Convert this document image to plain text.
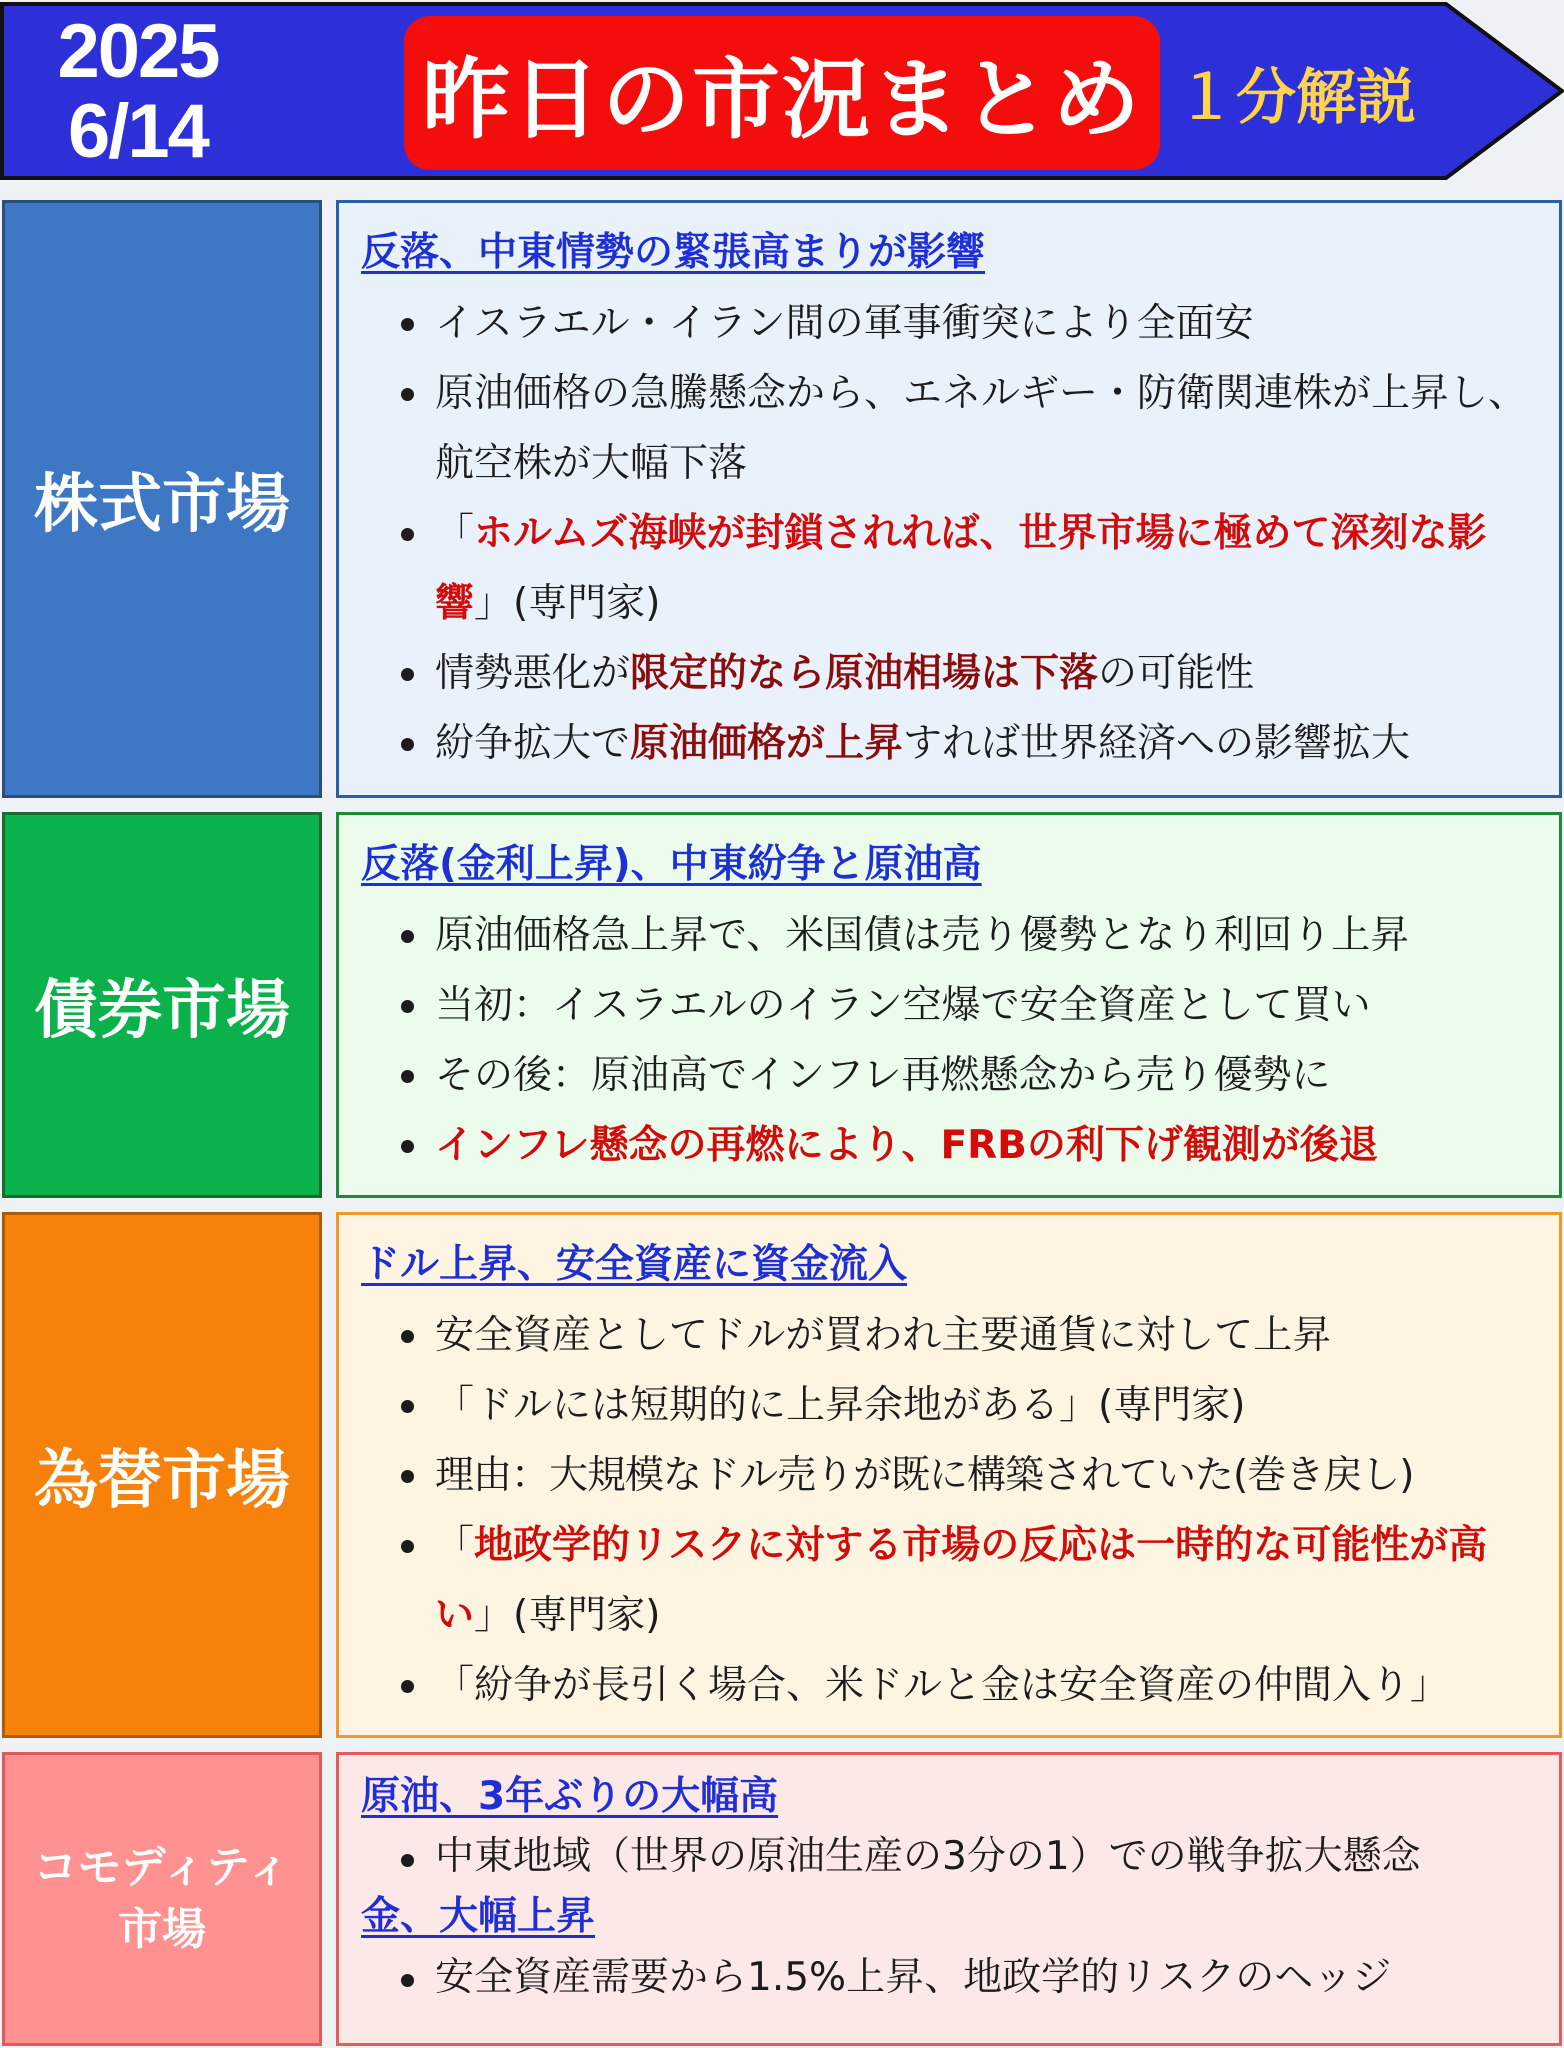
2025
6/14	昨日の市況まとめ １分解説
株式市場
反落、中東情勢の緊張高まりが影響
イスラエル・イラン間の軍事衝突により全面安
原油価格の急騰懸念から、エネルギー・防衛関連株が上昇し、航空株が大幅下落
「ホルムズ海峡が封鎖されれば、世界市場に極めて深刻な影響」(専門家)
情勢悪化が限定的なら原油相場は下落の可能性
紛争拡大で原油価格が上昇すれば世界経済への影響拡大
債券市場
反落(金利上昇)、中東紛争と原油高
原油価格急上昇で、米国債は売り優勢となり利回り上昇
当初：イスラエルのイラン空爆で安全資産として買い
その後：原油高でインフレ再燃懸念から売り優勢に
インフレ懸念の再燃により、FRBの利下げ観測が後退
為替市場
ドル上昇、安全資産に資金流入
安全資産としてドルが買われ主要通貨に対して上昇
「ドルには短期的に上昇余地がある」(専門家)
理由：大規模なドル売りが既に構築されていた(巻き戻し)
「地政学的リスクに対する市場の反応は一時的な可能性が高い」(専門家)
「紛争が長引く場合、米ドルと金は安全資産の仲間入り」
コモディティ市場
原油、3年ぶりの大幅高
中東地域（世界の原油生産の3分の1）での戦争拡大懸念
金、大幅上昇
安全資産需要から1.5%上昇、地政学的リスクのヘッジ
